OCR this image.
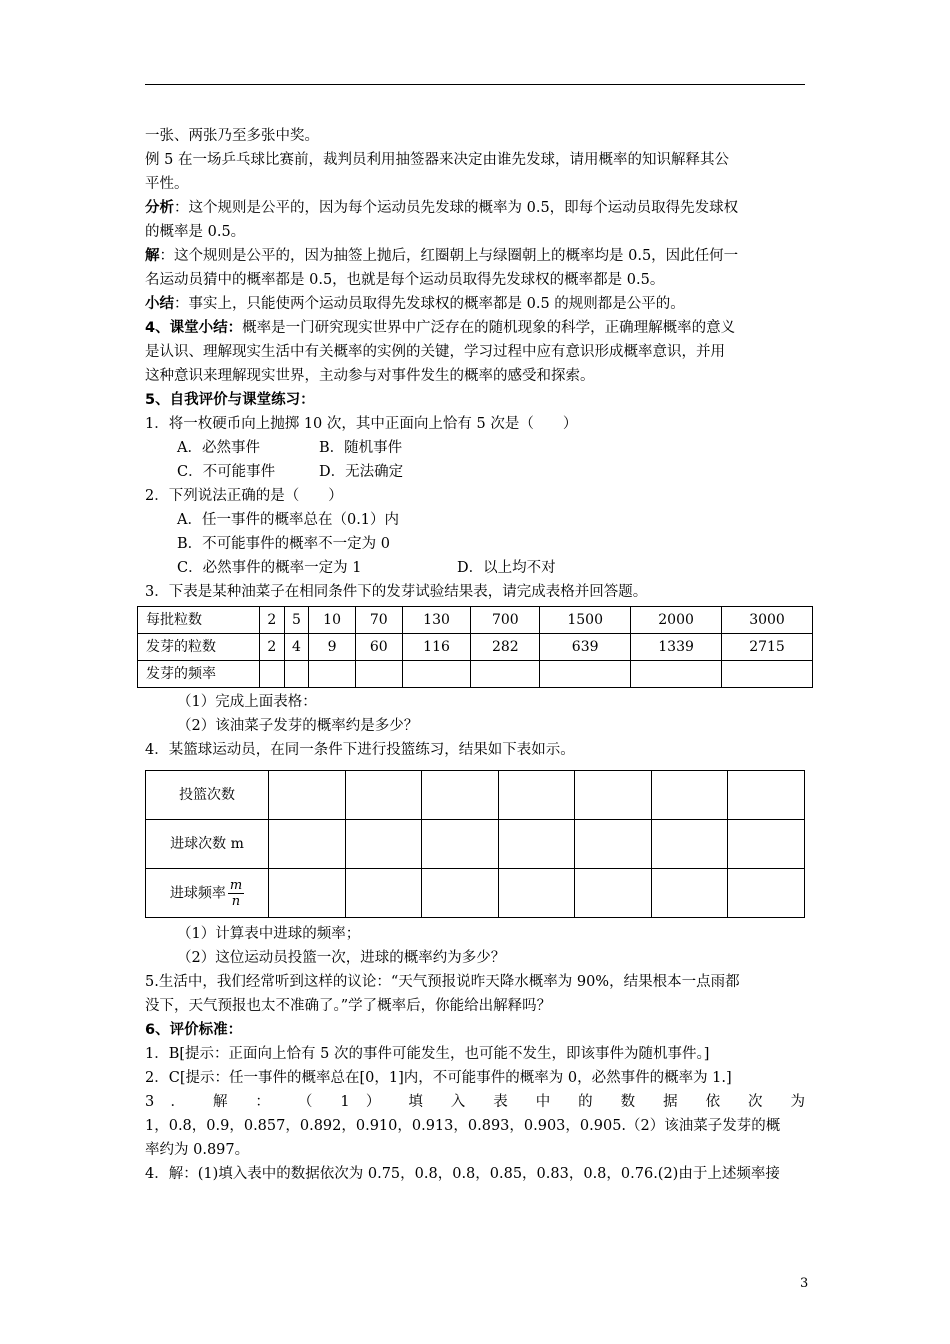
一张、两张乃至多张中奖。

例 5 在一场乒乓球比赛前，裁判员利用抽签器来决定由谁先发球，请用概率的知识解释其公

平性。

分析：这个规则是公平的，因为每个运动员先发球的概率为 0.5，即每个运动员取得先发球权

的概率是 0.5。

解：这个规则是公平的，因为抽签上抛后，红圈朝上与绿圈朝上的概率均是 0.5，因此任何一

名运动员猜中的概率都是 0.5，也就是每个运动员取得先发球权的概率都是 0.5。

小结：事实上，只能使两个运动员取得先发球权的概率都是 0.5 的规则都是公平的。

4、课堂小结：概率是一门研究现实世界中广泛存在的随机现象的科学，正确理解概率的意义

是认识、理解现实生活中有关概率的实例的关键，学习过程中应有意识形成概率意识，并用

这种意识来理解现实世界，主动参与对事件发生的概率的感受和探索。

5、自我评价与课堂练习：

1．将一枚硬币向上抛掷 10 次，其中正面向上恰有 5 次是（　　）

A．必然事件	B．随机事件

C．不可能事件	D．无法确定

2．下列说法正确的是（　　）

A．任一事件的概率总在（0.1）内

B．不可能事件的概率不一定为 0

C．必然事件的概率一定为 1	D．以上均不对

3．下表是某种油菜子在相同条件下的发芽试验结果表，请完成表格并回答题。

每批粒数	2	5	10	70	130	700	1500	2000	3000
发芽的粒数	2	4	9	60	116	282	639	1339	2715
发芽的频率									

（1）完成上面表格：

（2）该油菜子发芽的概率约是多少？

4．某篮球运动员，在同一条件下进行投篮练习，结果如下表如示。

投篮次数							
进球次数 m							
进球频率 $\frac{m}{n}$

（1）计算表中进球的频率；

（2）这位运动员投篮一次，进球的概率约为多少？

5.生活中，我们经常听到这样的议论：“天气预报说昨天降水概率为 90%，结果根本一点雨都

没下，天气预报也太不准确了。”学了概率后，你能给出解释吗？

6、评价标准：

1．B[提示：正面向上恰有 5 次的事件可能发生，也可能不发生，即该事件为随机事件。]

2．C[提示：任一事件的概率总在[0，1]内，不可能事件的概率为 0，必然事件的概率为 1.]

3 ． 解 ： （ 1 ） 填 入 表 中 的 数 据 依 次 为

1，0.8，0.9，0.857，0.892，0.910，0.913，0.893，0.903，0.905.（2）该油菜子发芽的概

率约为 0.897。

4．解：(1)填入表中的数据依次为 0.75，0.8，0.8，0.85，0.83，0.8，0.76.(2)由于上述频率接

3
